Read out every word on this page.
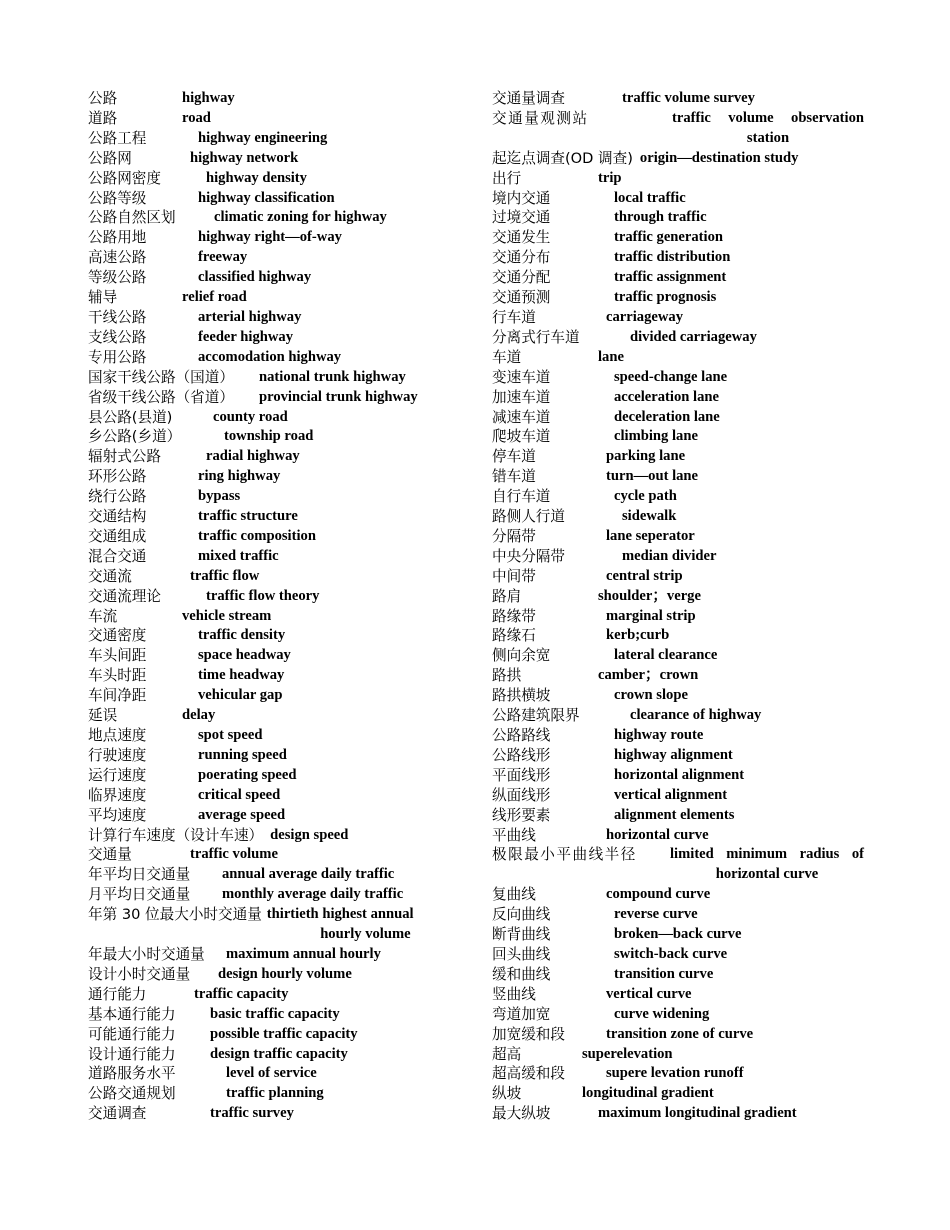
公路	highway
道路	road
公路工程	highway engineering
公路网	highway network
公路网密度	highway density
公路等级	highway classification
公路自然区划	climatic zoning for highway
公路用地	highway right—of-way
高速公路	freeway
等级公路	classified highway
辅导	relief road
干线公路	arterial highway
支线公路	feeder highway
专用公路	accomodation highway
国家干线公路（国道）	national trunk highway
省级干线公路（省道）	provincial trunk highway
县公路(县道)	county road
乡公路(乡道）	township road
辐射式公路	radial highway
环形公路	ring highway
绕行公路	bypass
交通结构	traffic structure
交通组成	traffic composition
混合交通	mixed traffic
交通流	traffic flow
交通流理论	traffic flow theory
车流	vehicle stream
交通密度	traffic density
车头间距	space headway
车头时距	time headway
车间净距	vehicular gap
延误	delay
地点速度	spot speed
行驶速度	running speed
运行速度	poerating speed
临界速度	critical speed
平均速度	average speed
计算行车速度（设计车速） design speed
交通量	traffic volume
年平均日交通量	annual average daily traffic
月平均日交通量	monthly average daily traffic
年第 30 位最大小时交通量 thirtieth highest annual
hourly volume
年最大小时交通量	maximum annual hourly
设计小时交通量	design hourly volume
通行能力	traffic capacity
基本通行能力	basic traffic capacity
可能通行能力	possible traffic capacity
设计通行能力	design traffic capacity
道路服务水平	level of service
公路交通规划	traffic planning
交通调查	traffic survey
交通量调查	traffic volume survey
交通量观测站	traffic volume observation
station
起迄点调查(OD 调查) origin—destination study
出行	trip
境内交通	local traffic
过境交通	through traffic
交通发生	traffic generation
交通分布	traffic distribution
交通分配	traffic assignment
交通预测	traffic prognosis
行车道	carriageway
分离式行车道	divided carriageway
车道	lane
变速车道	speed-change lane
加速车道	acceleration lane
减速车道	deceleration lane
爬坡车道	climbing lane
停车道	parking lane
错车道	turn—out lane
自行车道	cycle path
路侧人行道	sidewalk
分隔带	lane seperator
中央分隔带	median divider
中间带	central strip
路肩	shoulder；verge
路缘带	marginal strip
路缘石	kerb;curb
侧向余宽	lateral clearance
路拱	camber；crown
路拱横坡	crown slope
公路建筑限界	clearance of highway
公路路线	highway route
公路线形	highway alignment
平面线形	horizontal alignment
纵面线形	vertical alignment
线形要素	alignment elements
平曲线	horizontal curve
极限最小平曲线半径	limited minimum radius of
horizontal curve
复曲线	compound curve
反向曲线	reverse curve
断背曲线	broken—back curve
回头曲线	switch-back curve
缓和曲线	transition curve
竖曲线	vertical curve
弯道加宽	curve widening
加宽缓和段	transition zone of curve
超高	superelevation
超高缓和段	supere levation runoff
纵坡	longitudinal gradient
最大纵坡	maximum longitudinal gradient
